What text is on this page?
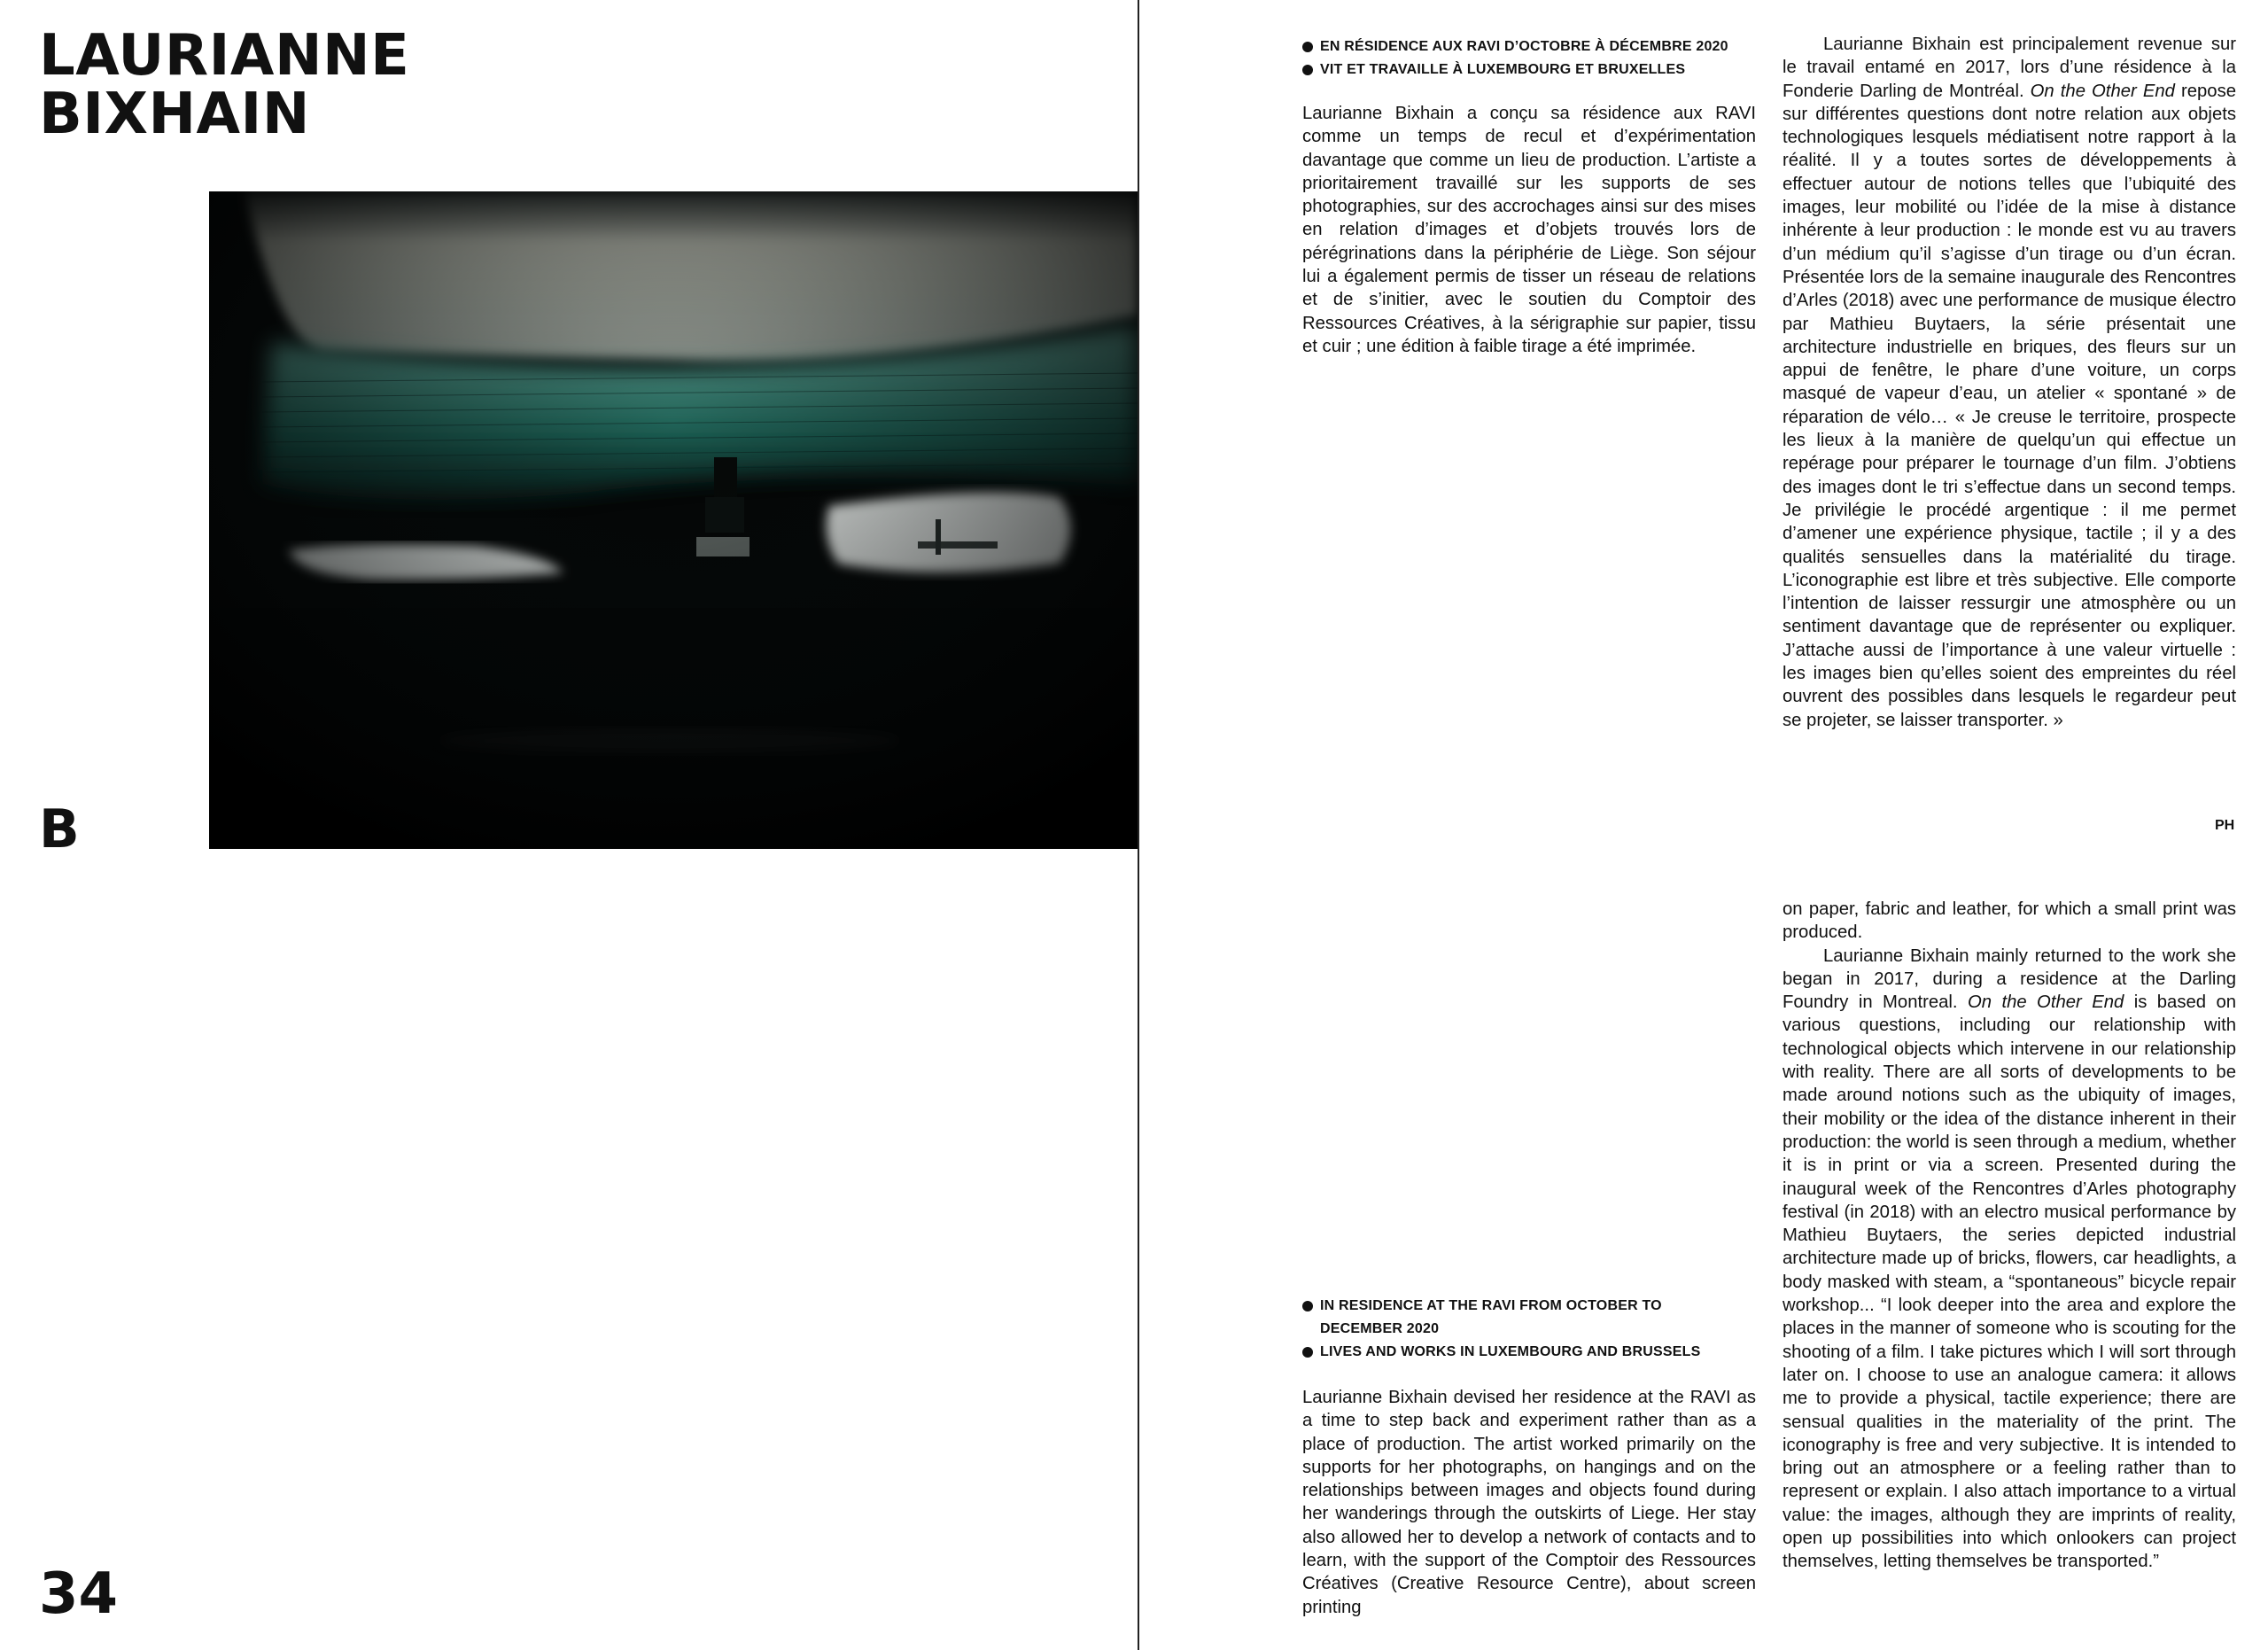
LAURIANNE
BIXHAIN
B
34
EN RÉSIDENCE AUX RAVI D’OCTOBRE À DÉCEMBRE 2020
VIT ET TRAVAILLE À LUXEMBOURG ET BRUXELLES

Laurianne Bixhain a conçu sa résidence aux RAVI comme un temps de recul et d’expérimentation davantage que comme un lieu de production. L’artiste a prioritairement travaillé sur les supports de ses photographies, sur des accrochages ainsi sur des mises en relation d’images et d’objets trouvés lors de pérégrinations dans la périphérie de Liège. Son séjour lui a également permis de tisser un réseau de relations et de s’initier, avec le soutien du Comptoir des Ressources Créatives, à la sérigraphie sur papier, tissu et cuir ; une édition à faible tirage a été imprimée.

Laurianne Bixhain est principalement revenue sur le travail entamé en 2017, lors d’une résidence à la Fonderie Darling de Montréal. On the Other End repose sur différentes questions dont notre relation aux objets technologiques lesquels médiatisent notre rapport à la réalité. Il y a toutes sortes de développements à effectuer autour de notions telles que l’ubiquité des images, leur mobilité ou l’idée de la mise à distance inhérente à leur production : le monde est vu au travers d’un médium qu’il s’agisse d’un tirage ou d’un écran. Présentée lors de la semaine inaugurale des Rencontres d’Arles (2018) avec une performance de musique électro par Mathieu Buytaers, la série présentait une architecture industrielle en briques, des fleurs sur un appui de fenêtre, le phare d’une voiture, un corps masqué de vapeur d’eau, un atelier « spontané » de réparation de vélo… « Je creuse le territoire, prospecte les lieux à la manière de quelqu’un qui effectue un repérage pour préparer le tournage d’un film. J’obtiens des images dont le tri s’effectue dans un second temps. Je privilégie le procédé argentique : il me permet d’amener une expérience physique, tactile ; il y a des qualités sensuelles dans la matérialité du tirage. L’iconographie est libre et très subjective. Elle comporte l’intention de laisser ressurgir une atmosphère ou un sentiment davantage que de représenter ou expliquer. J’attache aussi de l’importance à une valeur virtuelle : les images bien qu’elles soient des empreintes du réel ouvrent des possibles dans lesquels le regardeur peut se projeter, se laisser transporter. »

PH
IN RESIDENCE AT THE RAVI FROM OCTOBER TO DECEMBER 2020
LIVES AND WORKS IN LUXEMBOURG AND BRUSSELS

Laurianne Bixhain devised her residence at the RAVI as a time to step back and experiment rather than as a place of production. The artist worked primarily on the supports for her photographs, on hangings and on the relationships between images and objects found during her wanderings through the outskirts of Liege. Her stay also allowed her to develop a network of contacts and to learn, with the support of the Comptoir des Ressources Créatives (Creative Resource Centre), about screen printing

on paper, fabric and leather, for which a small print was produced.

Laurianne Bixhain mainly returned to the work she began in 2017, during a residence at the Darling Foundry in Montreal. On the Other End is based on various questions, including our relationship with technological objects which intervene in our relationship with reality. There are all sorts of developments to be made around notions such as the ubiquity of images, their mobility or the idea of the distance inherent in their production: the world is seen through a medium, whether it is in print or via a screen. Presented during the inaugural week of the Rencontres d’Arles photography festival (in 2018) with an electro musical performance by Mathieu Buytaers, the series depicted industrial architecture made up of bricks, flowers, car headlights, a body masked with steam, a “spontaneous” bicycle repair workshop... “I look deeper into the area and explore the places in the manner of someone who is scouting for the shooting of a film. I take pictures which I will sort through later on. I choose to use an analogue camera: it allows me to provide a physical, tactile experience; there are sensual qualities in the materiality of the print. The iconography is free and very subjective. It is intended to bring out an atmosphere or a feeling rather than to represent or explain. I also attach importance to a virtual value: the images, although they are imprints of reality, open up possibilities into which onlookers can project themselves, letting themselves be transported.”
